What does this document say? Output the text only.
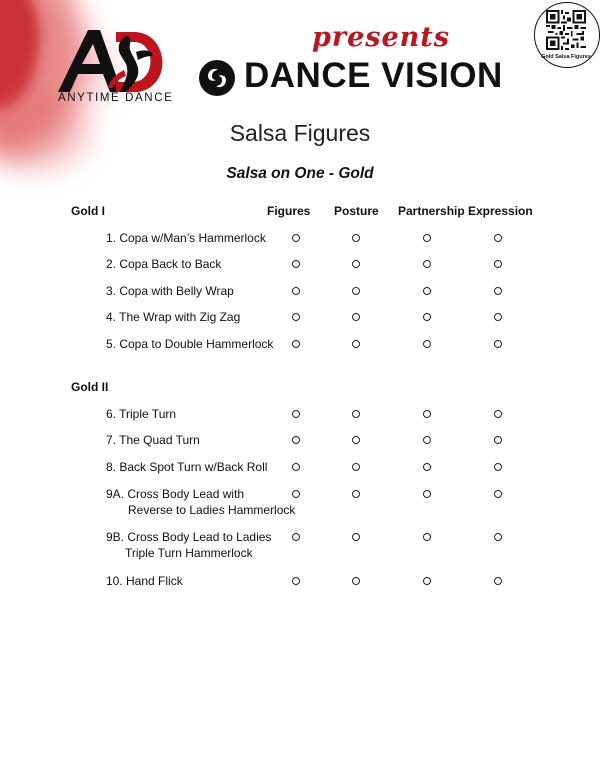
ANYTIME DANCE
presents
DANCE VISION	Gold Salsa Figures
Salsa Figures
Salsa on One - Gold
Gold I	Figures Posture Partnership Expression
1. Copa w/Man’s Hammerlock
2. Copa Back to Back
3. Copa with Belly Wrap
4. The Wrap with Zig Zag
5. Copa to Double Hammerlock
Gold II
6. Triple Turn
7. The Quad Turn
8. Back Spot Turn w/Back Roll
9A. Cross Body Lead with
Reverse to Ladies Hammerlock
9B. Cross Body Lead to Ladies
Triple Turn Hammerlock
10. Hand Flick
